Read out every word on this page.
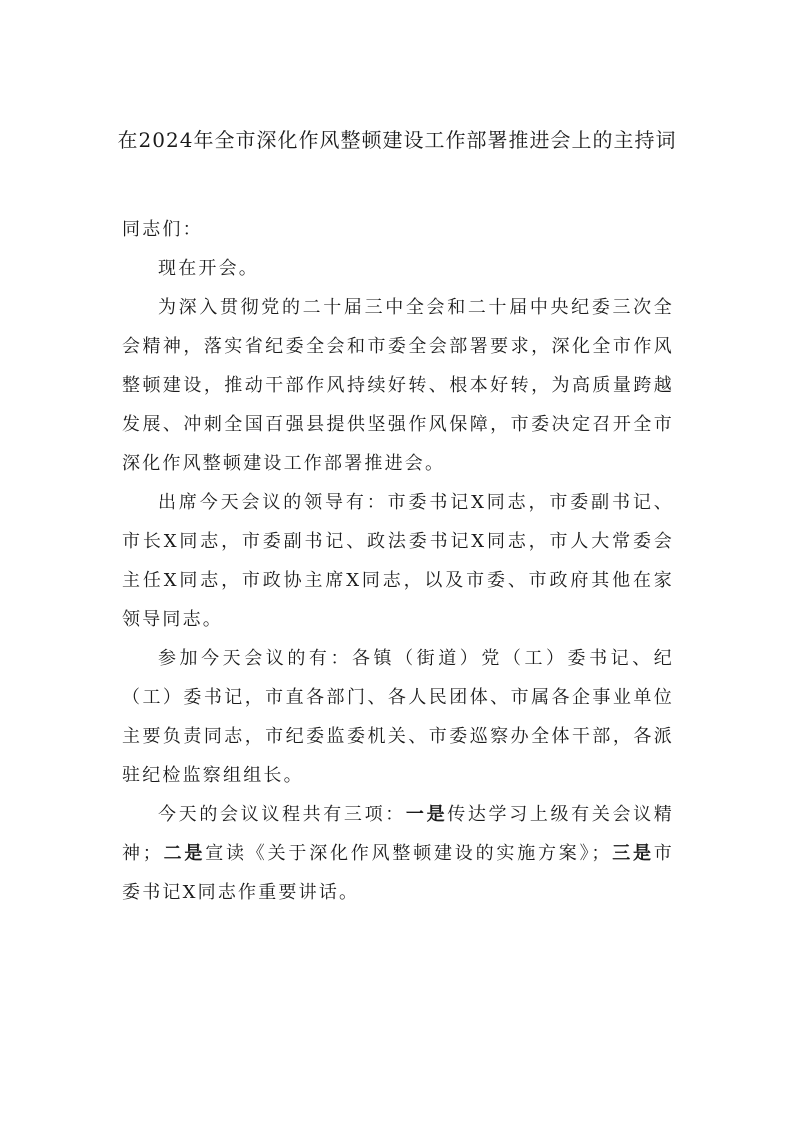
在2024年全市深化作风整顿建设工作部署推进会上的主持词

同志们：

现在开会。

为深入贯彻党的二十届三中全会和二十届中央纪委三次全会精神，落实省纪委全会和市委全会部署要求，深化全市作风整顿建设，推动干部作风持续好转、根本好转，为高质量跨越发展、冲刺全国百强县提供坚强作风保障，市委决定召开全市深化作风整顿建设工作部署推进会。

出席今天会议的领导有：市委书记X同志，市委副书记、市长X同志，市委副书记、政法委书记X同志，市人大常委会主任X同志，市政协主席X同志，以及市委、市政府其他在家领导同志。

参加今天会议的有：各镇（街道）党（工）委书记、纪（工）委书记，市直各部门、各人民团体、市属各企事业单位主要负责同志，市纪委监委机关、市委巡察办全体干部，各派驻纪检监察组组长。

今天的会议议程共有三项：一是传达学习上级有关会议精神；二是宣读《关于深化作风整顿建设的实施方案》；三是市委书记X同志作重要讲话。
